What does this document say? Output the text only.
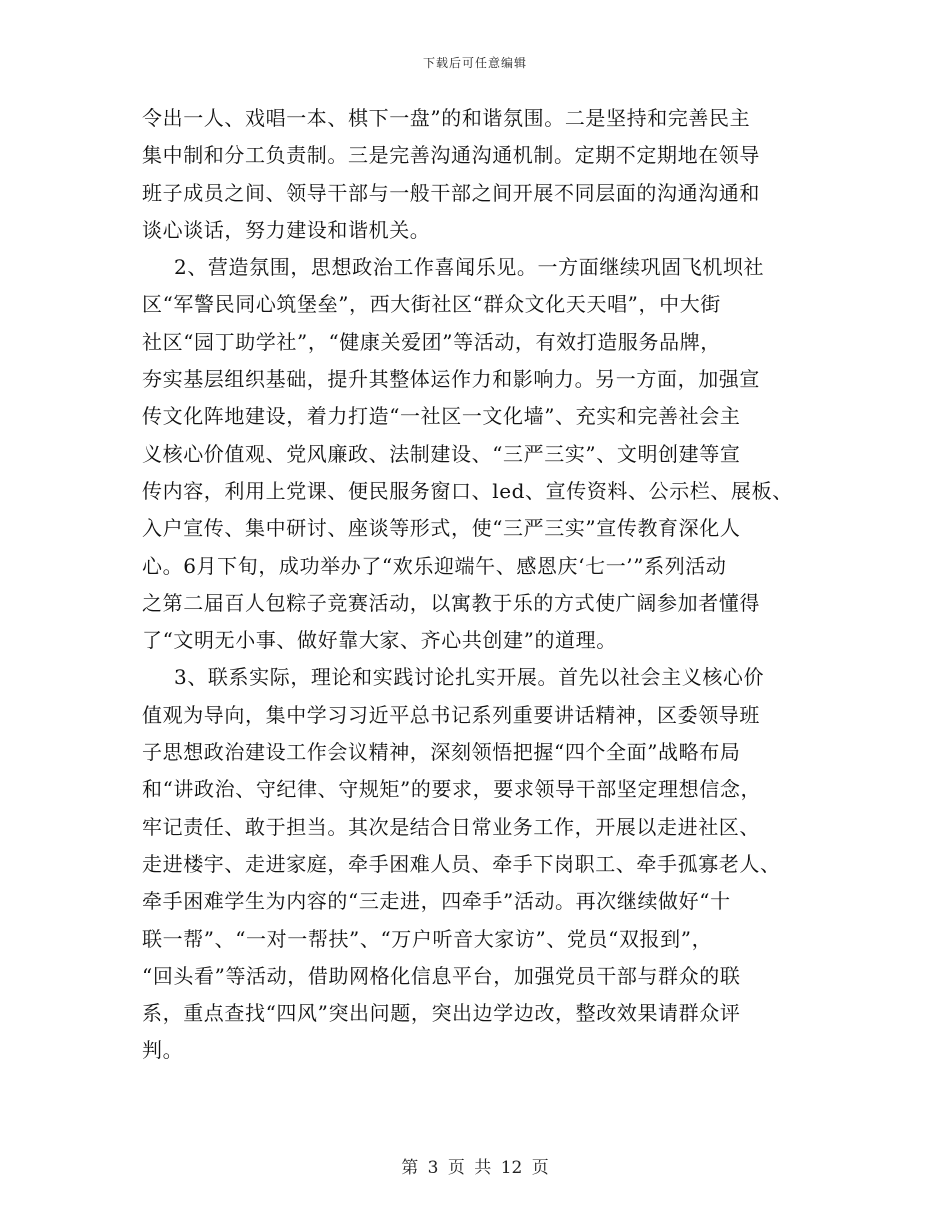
下载后可任意编辑
令出一人、戏唱一本、棋下一盘”的和谐氛围。二是坚持和完善民主
集中制和分工负责制。三是完善沟通沟通机制。定期不定期地在领导
班子成员之间、领导干部与一般干部之间开展不同层面的沟通沟通和
谈心谈话，努力建设和谐机关。
2、营造氛围，思想政治工作喜闻乐见。一方面继续巩固飞机坝社
区“军警民同心筑堡垒”，西大街社区“群众文化天天唱”，中大街
社区“园丁助学社”，“健康关爱团”等活动，有效打造服务品牌，
夯实基层组织基础，提升其整体运作力和影响力。另一方面，加强宣
传文化阵地建设，着力打造“一社区一文化墙”、充实和完善社会主
义核心价值观、党风廉政、法制建设、“三严三实”、文明创建等宣
传内容，利用上党课、便民服务窗口、led、宣传资料、公示栏、展板、
入户宣传、集中研讨、座谈等形式，使“三严三实”宣传教育深化人
心。6月下旬，成功举办了“欢乐迎端午、感恩庆‘七一’”系列活动
之第二届百人包粽子竞赛活动，以寓教于乐的方式使广阔参加者懂得
了“文明无小事、做好靠大家、齐心共创建”的道理。
3、联系实际，理论和实践讨论扎实开展。首先以社会主义核心价
值观为导向，集中学习习近平总书记系列重要讲话精神，区委领导班
子思想政治建设工作会议精神，深刻领悟把握“四个全面”战略布局
和“讲政治、守纪律、守规矩”的要求，要求领导干部坚定理想信念，
牢记责任、敢于担当。其次是结合日常业务工作，开展以走进社区、
走进楼宇、走进家庭，牵手困难人员、牵手下岗职工、牵手孤寡老人、
牵手困难学生为内容的“三走进，四牵手”活动。再次继续做好“十
联一帮”、“一对一帮扶”、“万户听音大家访”、党员“双报到”，
“回头看”等活动，借助网格化信息平台，加强党员干部与群众的联
系，重点查找“四风”突出问题，突出边学边改，整改效果请群众评
判。
第 3 页 共 12 页
